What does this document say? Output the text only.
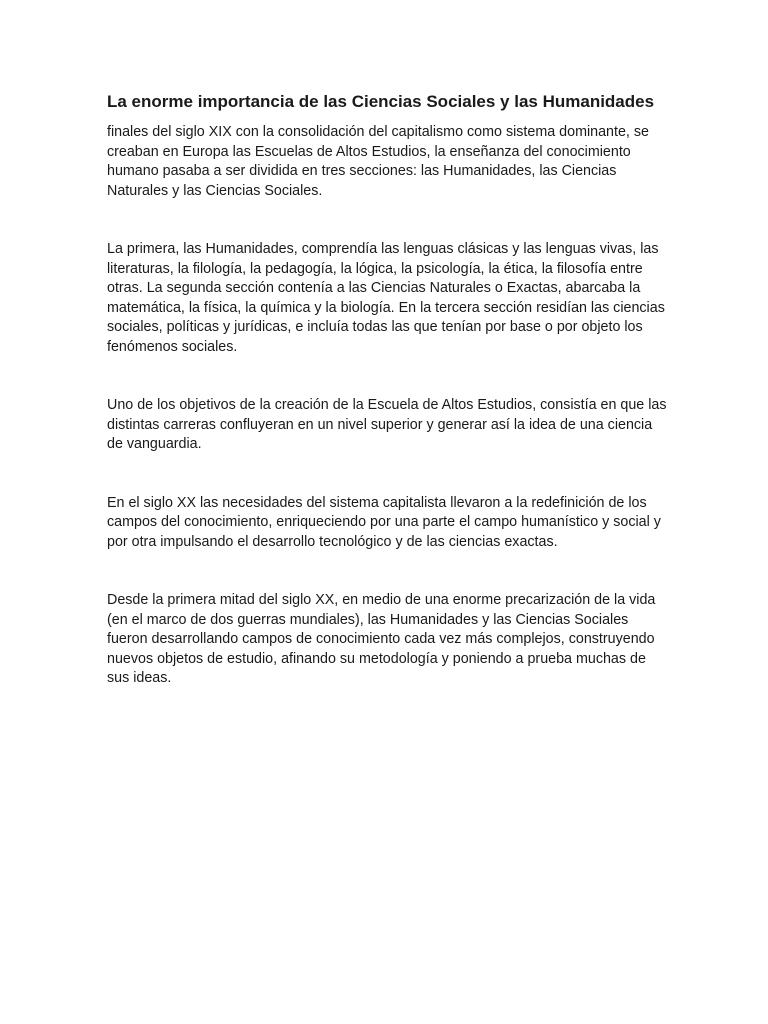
La enorme importancia de las Ciencias Sociales y las Humanidades

finales del siglo XIX con la consolidación del capitalismo como sistema dominante, se creaban en Europa las Escuelas de Altos Estudios, la enseñanza del conocimiento humano pasaba a ser dividida en tres secciones: las Humanidades, las Ciencias Naturales y las Ciencias Sociales.

La primera, las Humanidades, comprendía las lenguas clásicas y las lenguas vivas, las literaturas, la filología, la pedagogía, la lógica, la psicología, la ética, la filosofía entre otras. La segunda sección contenía a las Ciencias Naturales o Exactas, abarcaba la matemática, la física, la química y la biología. En la tercera sección residían las ciencias sociales, políticas y jurídicas, e incluía todas las que tenían por base o por objeto los fenómenos sociales.

Uno de los objetivos de la creación de la Escuela de Altos Estudios, consistía en que las distintas carreras confluyeran en un nivel superior y generar así la idea de una ciencia de vanguardia.

En el siglo XX las necesidades del sistema capitalista llevaron a la redefinición de los campos del conocimiento, enriqueciendo por una parte el campo humanístico y social y por otra impulsando el desarrollo tecnológico y de las ciencias exactas.

Desde la primera mitad del siglo XX, en medio de una enorme precarización de la vida (en el marco de dos guerras mundiales), las Humanidades y las Ciencias Sociales fueron desarrollando campos de conocimiento cada vez más complejos, construyendo nuevos objetos de estudio, afinando su metodología y poniendo a prueba muchas de sus ideas.
